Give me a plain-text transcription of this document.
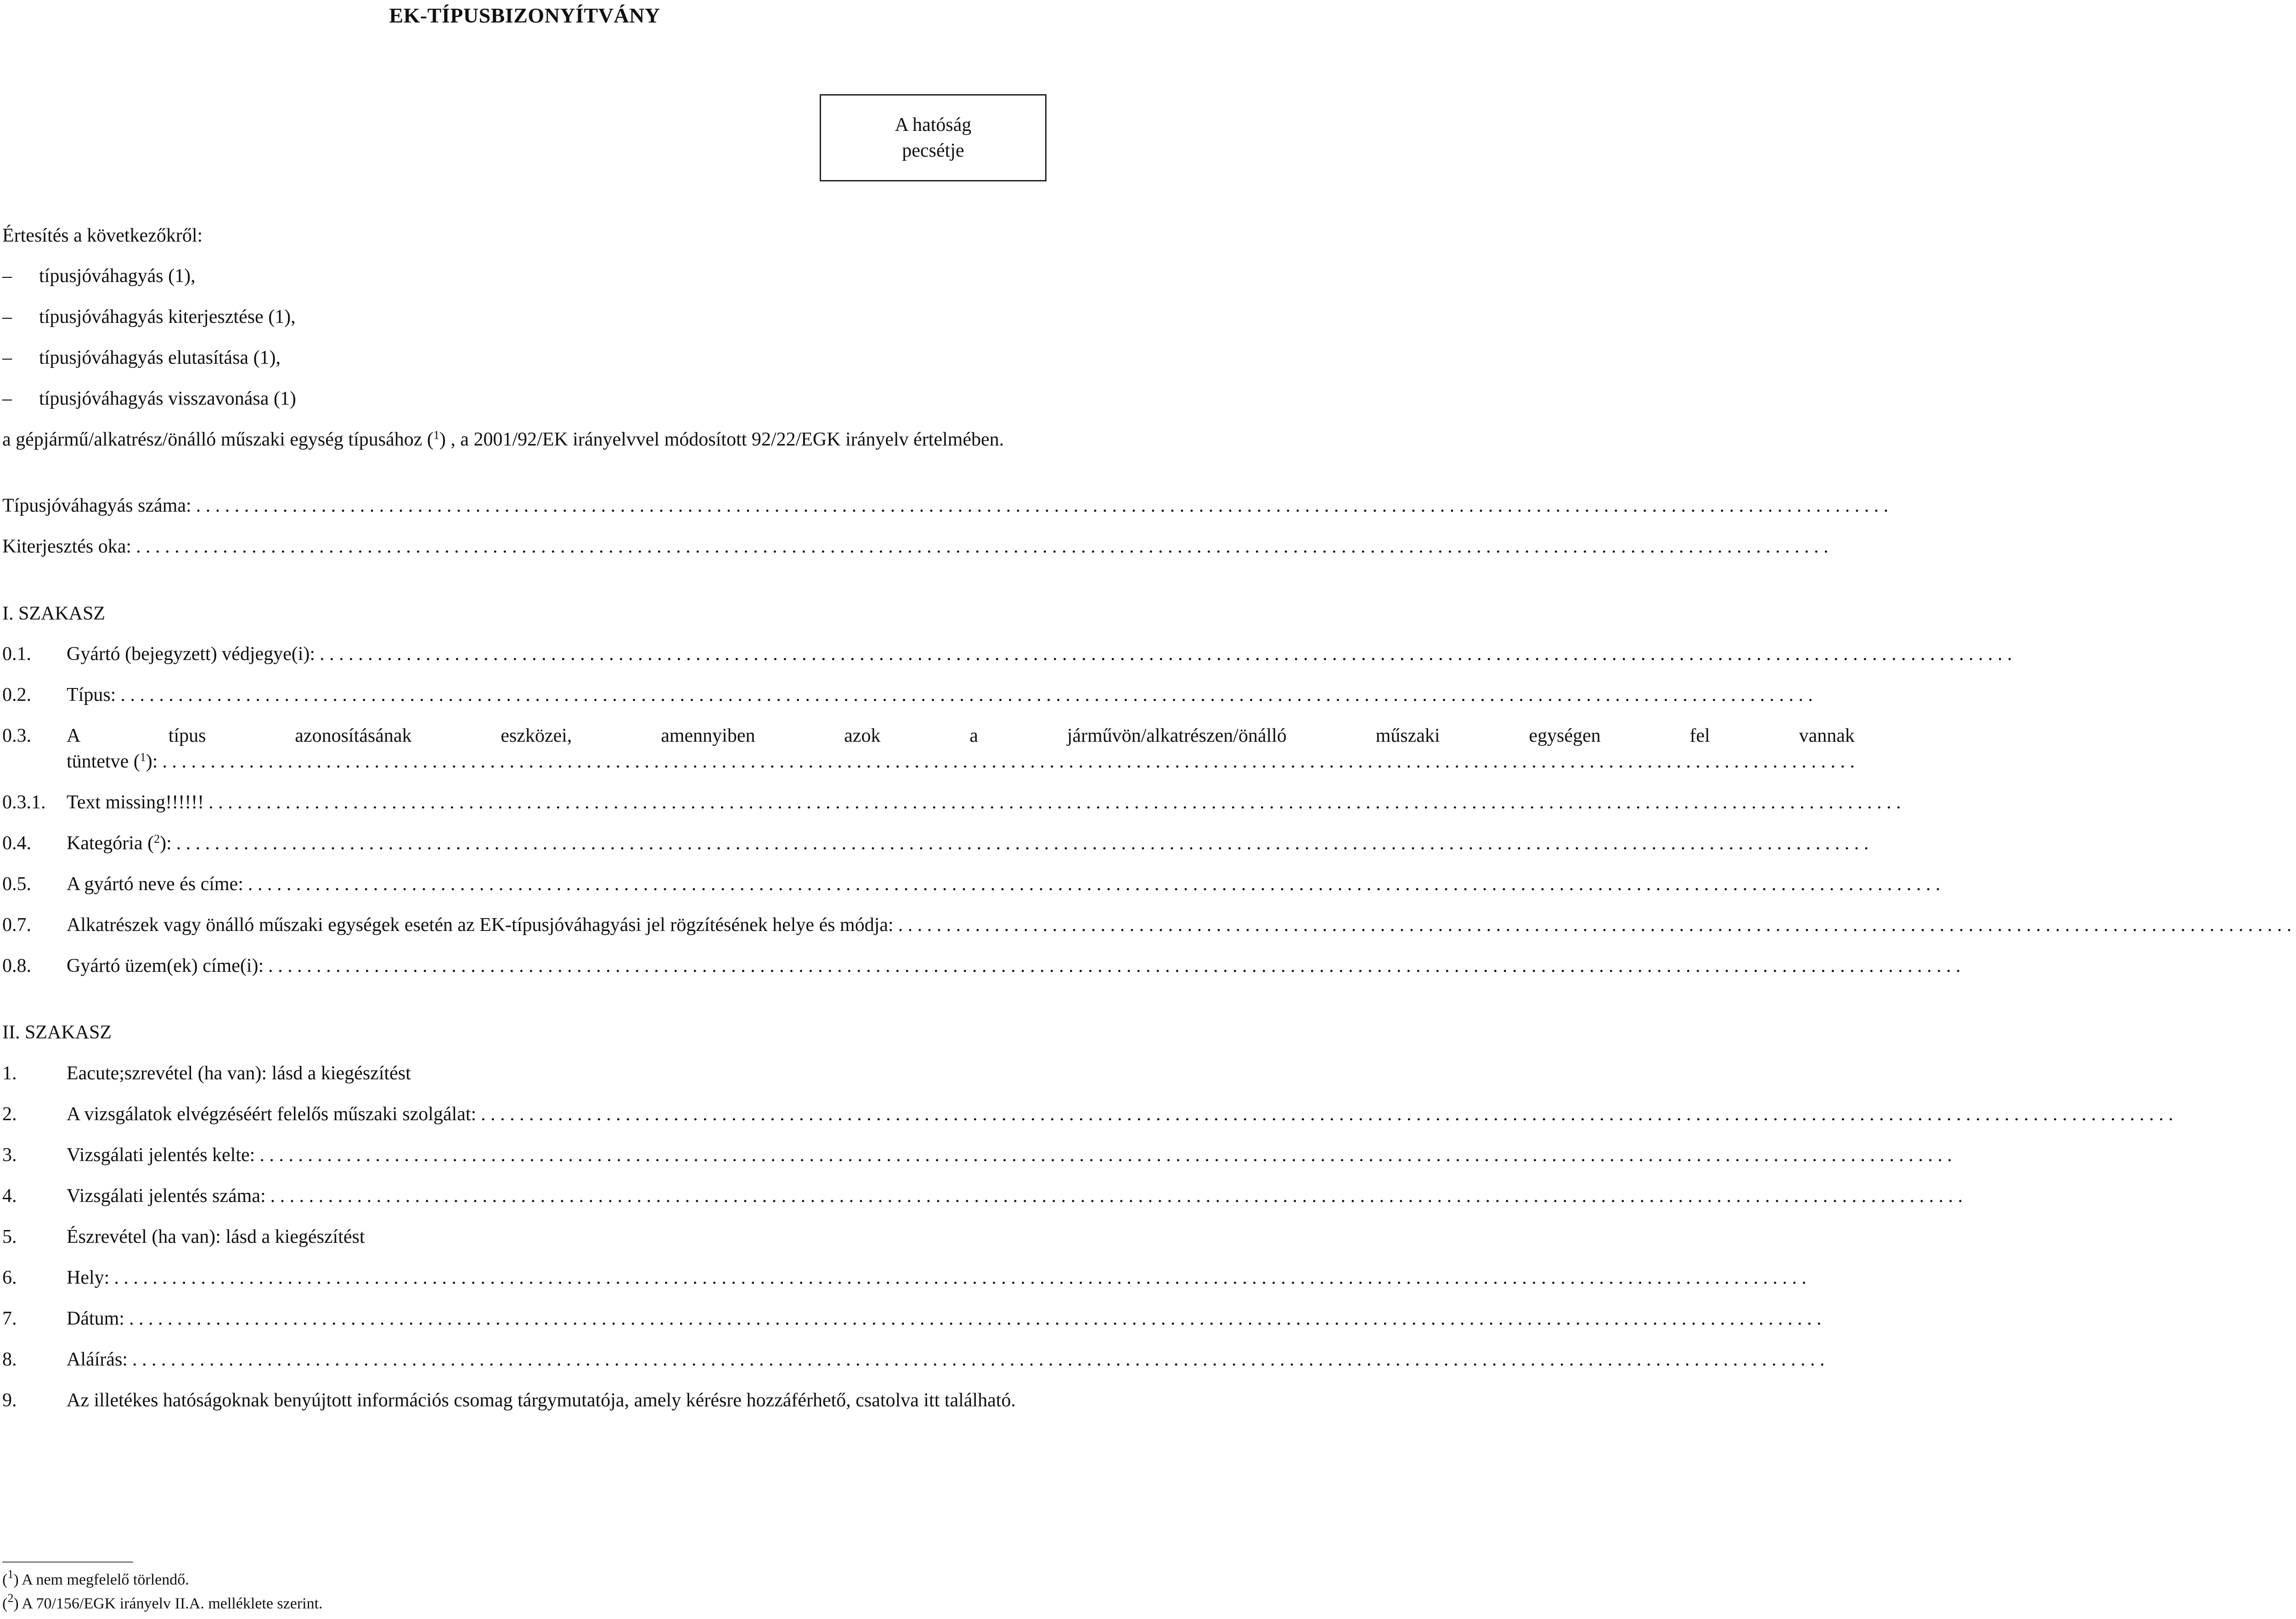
EK-TÍPUSBIZONYÍTVÁNY
A hatóság
pecsétje
Értesítés a következőkről:
–	típusjóváhagyás (1),
–	típusjóváhagyás kiterjesztése (1),
–	típusjóváhagyás elutasítása (1),
–	típusjóváhagyás visszavonása (1)
a gépjármű/alkatrész/önálló műszaki egység típusához ($^1$) , a 2001/92/EK irányelvvel módosított 92/22/EGK irányelv értelmében.
Típusjóváhagyás száma:
. . .
Kiterjesztés oka:
. . .
I. SZAKASZ
0.1.	Gyártó (bejegyzett) védjegye(i):
. . .
0.2.	Típus:
. . .
0.3.	A típus azonosításának eszközei, amennyiben azok a járművön/alkatrészen/önálló műszaki egységen fel vannak
tüntetve ($^1$):
. . .
0.3.1.	Text missing!!!!!!
. . .
0.4.	Kategória ($^2$):
. . .
0.5.	A gyártó neve és címe:
. . .
0.7.	Alkatrészek vagy önálló műszaki egységek esetén az EK-típusjóváhagyási jel rögzítésének helye és módja:
. . .
0.8.	Gyártó üzem(ek) címe(i):
. . .
II. SZAKASZ
1.	Eacute;szrevétel (ha van): lásd a kiegészítést
2.	A vizsgálatok elvégzéséért felelős műszaki szolgálat:
. . .
3.	Vizsgálati jelentés kelte:
. . .
4.	Vizsgálati jelentés száma:
. . .
5.	Észrevétel (ha van): lásd a kiegészítést
6.	Hely:
. . .
7.	Dátum:
. . .
8.	Aláírás:
. . .
9.	Az illetékes hatóságoknak benyújtott információs csomag tárgymutatója, amely kérésre hozzáférhető, csatolva itt található.
($^1$) A nem megfelelő törlendő.
($^2$) A 70/156/EGK irányelv II.A. melléklete szerint.
